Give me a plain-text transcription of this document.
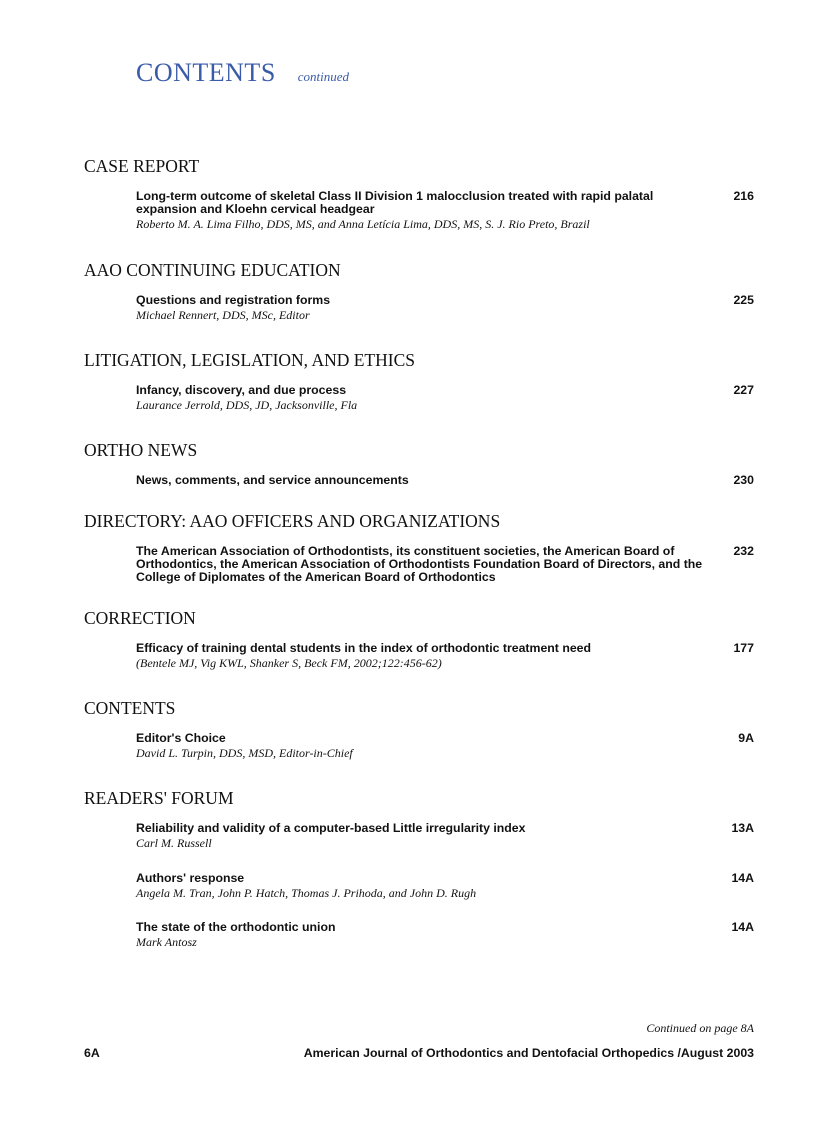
CONTENTS continued
CASE REPORT
Long-term outcome of skeletal Class II Division 1 malocclusion treated with rapid palatal expansion and Kloehn cervical headgear
Roberto M. A. Lima Filho, DDS, MS, and Anna Letícia Lima, DDS, MS, S. J. Rio Preto, Brazil
216
AAO CONTINUING EDUCATION
Questions and registration forms
Michael Rennert, DDS, MSc, Editor
225
LITIGATION, LEGISLATION, AND ETHICS
Infancy, discovery, and due process
Laurance Jerrold, DDS, JD, Jacksonville, Fla
227
ORTHO NEWS
News, comments, and service announcements	230
DIRECTORY: AAO OFFICERS AND ORGANIZATIONS
The American Association of Orthodontists, its constituent societies, the American Board of Orthodontics, the American Association of Orthodontists Foundation Board of Directors, and the College of Diplomates of the American Board of Orthodontics
232
CORRECTION
Efficacy of training dental students in the index of orthodontic treatment need
(Bentele MJ, Vig KWL, Shanker S, Beck FM, 2002;122:456-62)
177
CONTENTS
Editor's Choice
David L. Turpin, DDS, MSD, Editor-in-Chief
9A
READERS' FORUM
Reliability and validity of a computer-based Little irregularity index
Carl M. Russell
13A
Authors' response
Angela M. Tran, John P. Hatch, Thomas J. Prihoda, and John D. Rugh
14A
The state of the orthodontic union
Mark Antosz
14A
Continued on page 8A
6A	American Journal of Orthodontics and Dentofacial Orthopedics /August 2003
